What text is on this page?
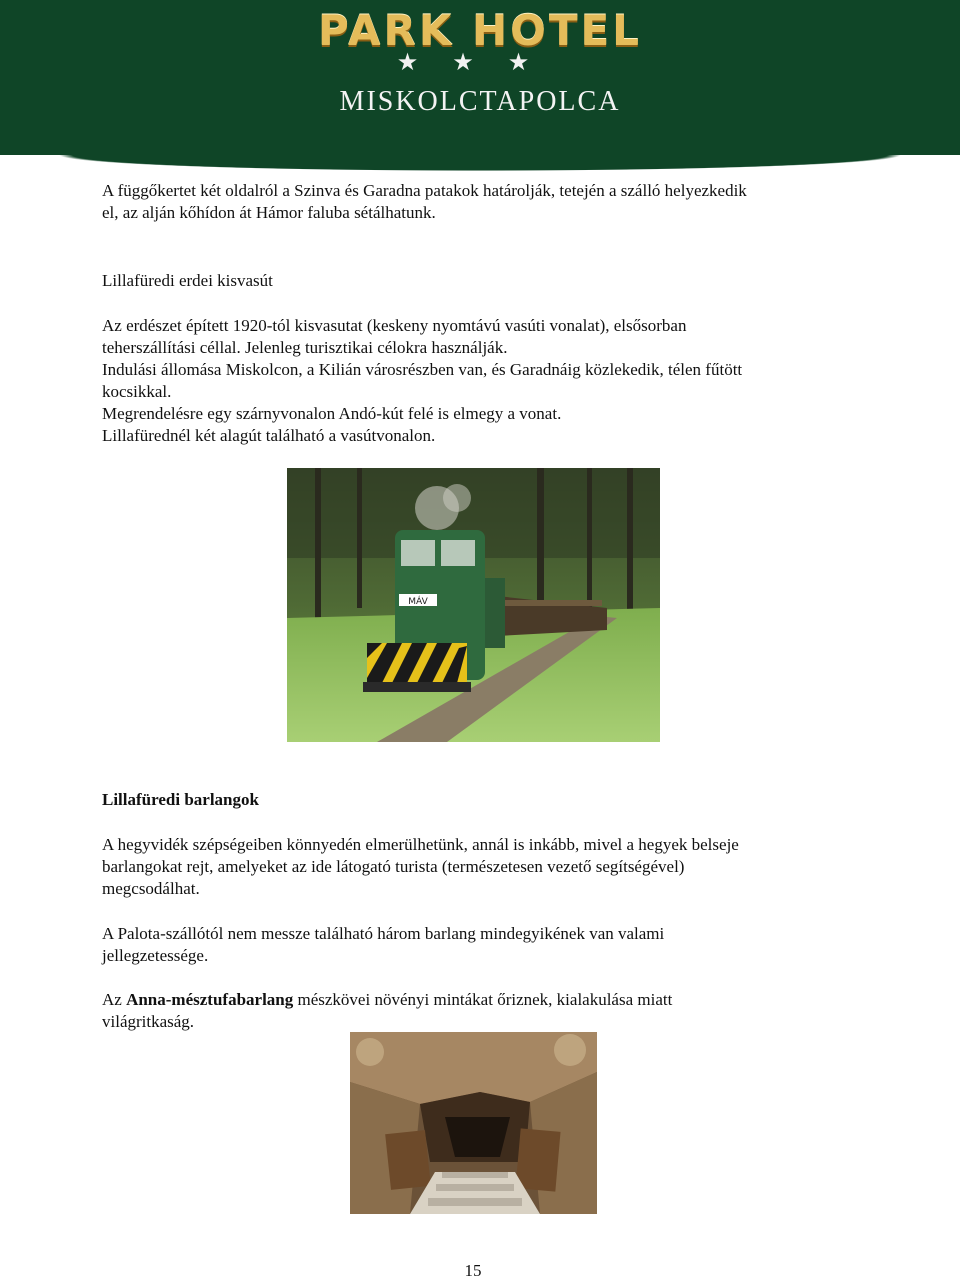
PARK HOTEL
★★★
MISKOLCTAPOLCA

A függőkertet két oldalról a Szinva és Garadna patakok határolják, tetején a szálló helyezkedik

el, az alján kőhídon át Hámor faluba sétálhatunk.

Lillafüredi erdei kisvasút

Az erdészet épített 1920-tól kisvasutat (keskeny nyomtávú vasúti vonalat), elsősorban

teherszállítási céllal. Jelenleg turisztikai célokra használják.

Indulási állomása Miskolcon, a Kilián városrészben van, és Garadnáig közlekedik, télen fűtött

kocsikkal.

Megrendelésre egy szárnyvonalon Andó-kút felé is elmegy a vonat.

Lillafürednél két alagút található a vasútvonalon.

MÁV

Lillafüredi barlangok

A hegyvidék szépségeiben könnyedén elmerülhetünk, annál is inkább, mivel a hegyek belseje

barlangokat rejt, amelyeket az ide látogató turista (természetesen vezető segítségével)

megcsodálhat.

A Palota-szállótól nem messze található három barlang mindegyikének van valami

jellegzetessége.

Az Anna-mésztufabarlang mészkövei növényi mintákat őriznek, kialakulása miatt

világritkaság.

15
